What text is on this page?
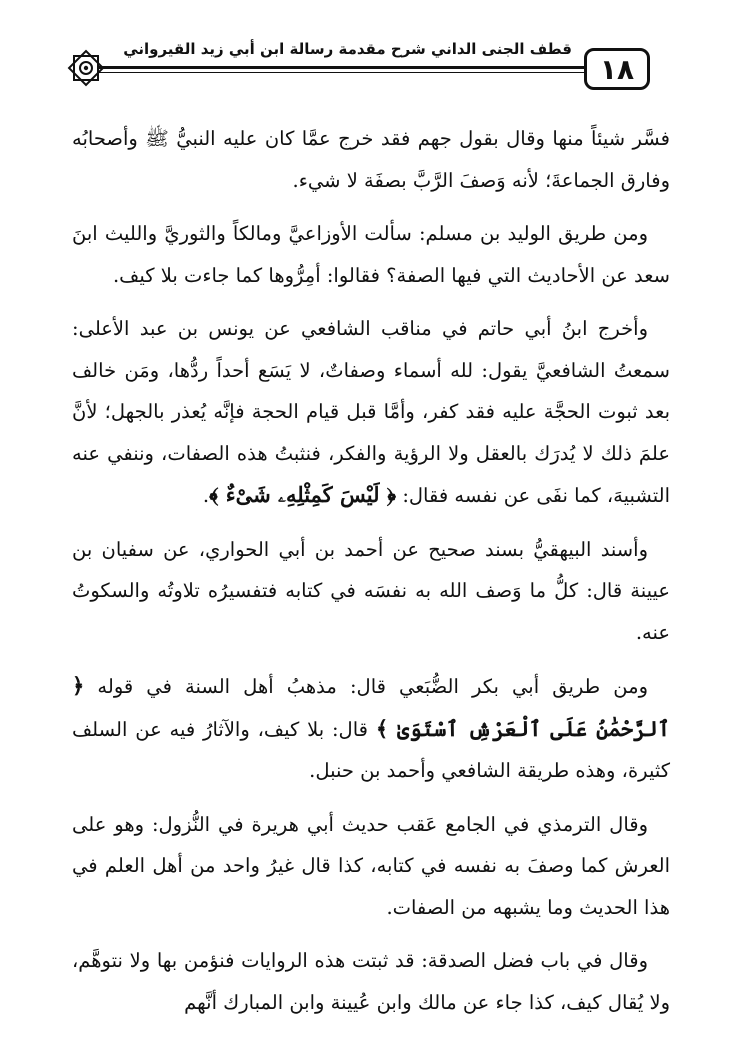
١٨
قطف الجنى الداني شرح مقدمة رسالة ابن أبي زيد القيرواني

فسَّر شيئاً منها وقال بقول جهم فقد خرج عمَّا كان عليه النبيُّ ﷺ وأصحابُه وفارق الجماعةَ؛ لأنه وَصفَ الرَّبَّ بصفَة لا شيء.

ومن طريق الوليد بن مسلم: سألت الأوزاعيَّ ومالكاً والثوريَّ والليث ابنَ سعد عن الأحاديث التي فيها الصفة؟ فقالوا: أمِرُّوها كما جاءت بلا كيف.

وأخرج ابنُ أبي حاتم في مناقب الشافعي عن يونس بن عبد الأعلى: سمعتُ الشافعيَّ يقول: لله أسماء وصفاتٌ، لا يَسَع أحداً ردُّها، ومَن خالف بعد ثبوت الحجَّة عليه فقد كفر، وأمَّا قبل قيام الحجة فإنَّه يُعذر بالجهل؛ لأنَّ علمَ ذلك لا يُدرَك بالعقل ولا الرؤية والفكر، فنثبتُ هذه الصفات، وننفي عنه التشبيهَ، كما نفَى عن نفسه فقال: ﴿ لَيْسَ كَمِثْلِهِۦ شَىْءٌ ﴾.

وأسند البيهقيُّ بسند صحيح عن أحمد بن أبي الحواري، عن سفيان بن عيينة قال: كلُّ ما وَصف الله به نفسَه في كتابه فتفسيرُه تلاوتُه والسكوتُ عنه.

ومن طريق أبي بكر الضُّبَعي قال: مذهبُ أهل السنة في قوله ﴿ ٱلرَّحْمَٰنُ عَلَى ٱلْعَرْشِ ٱسْتَوَىٰ ﴾ قال: بلا كيف، والآثارُ فيه عن السلف كثيرة، وهذه طريقة الشافعي وأحمد بن حنبل.

وقال الترمذي في الجامع عَقب حديث أبي هريرة في النُّزول: وهو على العرش كما وصفَ به نفسه في كتابه، كذا قال غيرُ واحد من أهل العلم في هذا الحديث وما يشبهه من الصفات.

وقال في باب فضل الصدقة: قد ثبتت هذه الروايات فنؤمن بها ولا نتوهَّم، ولا يُقال كيف، كذا جاء عن مالك وابن عُيينة وابن المبارك أنَّهم
